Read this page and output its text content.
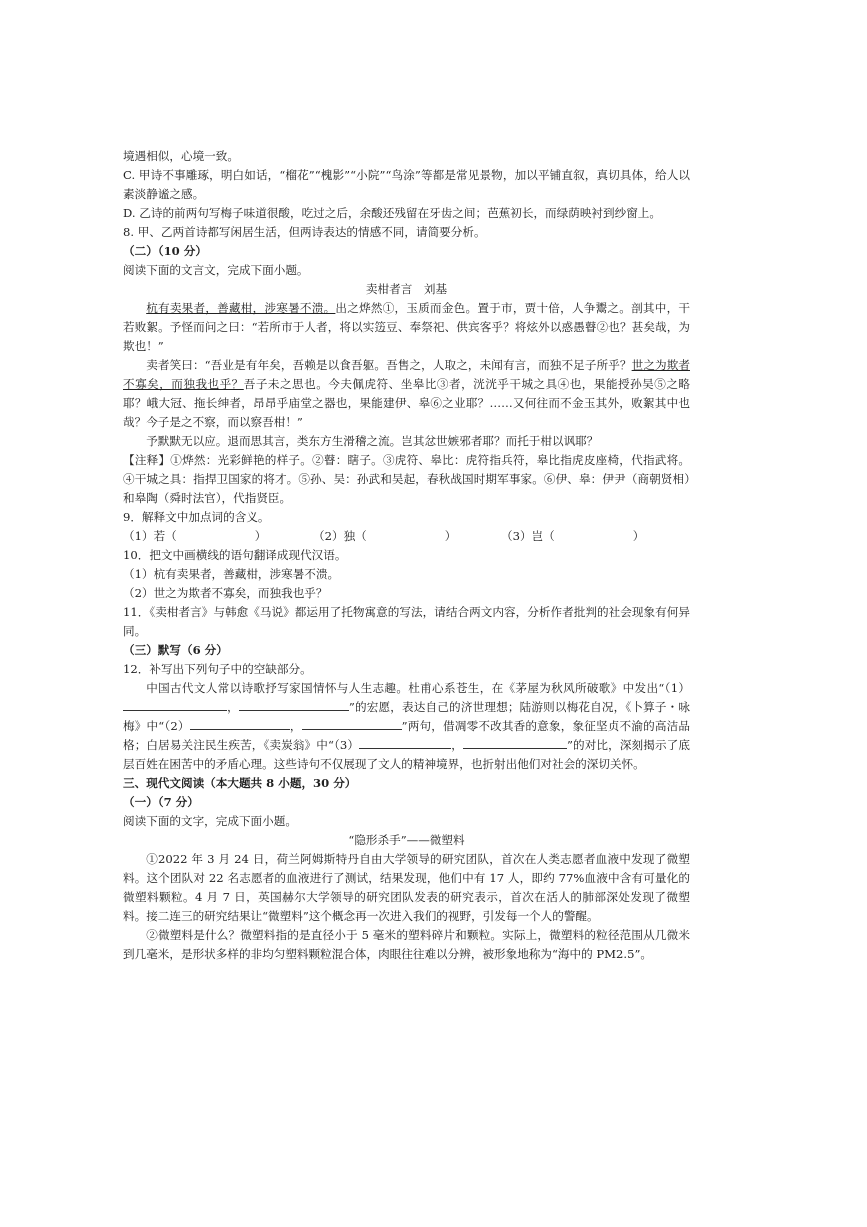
境遇相似，心境一致。

C. 甲诗不事雕琢，明白如话，“榴花”“槐影”“小院”“鸟涂”等都是常见景物，加以平铺直叙，真切具体，给人以素淡静谧之感。

D. 乙诗的前两句写梅子味道很酸，吃过之后，余酸还残留在牙齿之间；芭蕉初长，而绿荫映衬到纱窗上。

8. 甲、乙两首诗都写闲居生活，但两诗表达的情感不同，请简要分析。

（二）（10 分）

阅读下面的文言文，完成下面小题。

卖柑者言　刘基

杭有卖果者，善藏柑，涉寒暑不溃。出之烨然①，玉质而金色。置于市，贾十倍，人争鬻之。剖其中，干若败絮。予怪而问之曰：“若所市于人者，将以实笾豆、奉祭祀、供宾客乎？将炫外以惑愚瞽②也？甚矣哉，为欺也！”

卖者笑曰：“吾业是有年矣，吾赖是以食吾躯。吾售之，人取之，未闻有言，而独不足子所乎？世之为欺者不寡矣，而独我也乎？吾子未之思也。今夫佩虎符、坐皋比③者，洸洸乎干城之具④也，果能授孙吴⑤之略耶？峨大冠、拖长绅者，昂昂乎庙堂之器也，果能建伊、皋⑥之业耶？……又何往而不金玉其外，败絮其中也哉？今子是之不察，而以察吾柑！”

予默默无以应。退而思其言，类东方生滑稽之流。岂其忿世嫉邪者耶？而托于柑以讽耶？

【注释】①烨然：光彩鲜艳的样子。②瞽：瞎子。③虎符、皋比：虎符指兵符，皋比指虎皮座椅，代指武将。④干城之具：指捍卫国家的将才。⑤孙、吴：孙武和吴起，春秋战国时期军事家。⑥伊、皋：伊尹（商朝贤相）和皋陶（舜时法官），代指贤臣。

9．解释文中加点词的含义。

（1）若（	）	（2）独（	）	（3）岂（	）

10．把文中画横线的语句翻译成现代汉语。

（1）杭有卖果者，善藏柑，涉寒暑不溃。

（2）世之为欺者不寡矣，而独我也乎？

11．《卖柑者言》与韩愈《马说》都运用了托物寓意的写法，请结合两文内容，分析作者批判的社会现象有何异同。

（三）默写（6 分）

12．补写出下列句子中的空缺部分。

中国古代文人常以诗歌抒写家国情怀与人生志趣。杜甫心系苍生，在《茅屋为秋风所破歌》中发出“（1），	”的宏愿，表达自己的济世理想；陆游则以梅花自况，《卜算子・咏梅》中“（2）	，	”两句，借凋零不改其香的意象，象征坚贞不渝的高洁品格；白居易关注民生疾苦，《卖炭翁》中“（3）	，	”的对比，深刻揭示了底层百姓在困苦中的矛盾心理。这些诗句不仅展现了文人的精神境界，也折射出他们对社会的深切关怀。

三、现代文阅读（本大题共 8 小题，30 分）

（一）（7 分）

阅读下面的文字，完成下面小题。

“隐形杀手”——微塑料

①2022 年 3 月 24 日，荷兰阿姆斯特丹自由大学领导的研究团队，首次在人类志愿者血液中发现了微塑料。这个团队对 22 名志愿者的血液进行了测试，结果发现，他们中有 17 人，即约 77%血液中含有可量化的微塑料颗粒。4 月 7 日，英国赫尔大学领导的研究团队发表的研究表示，首次在活人的肺部深处发现了微塑料。接二连三的研究结果让“微塑料”这个概念再一次进入我们的视野，引发每一个人的警醒。

②微塑料是什么？微塑料指的是直径小于 5 毫米的塑料碎片和颗粒。实际上，微塑料的粒径范围从几微米到几毫米，是形状多样的非均匀塑料颗粒混合体，肉眼往往难以分辨，被形象地称为“海中的 PM2.5”。
